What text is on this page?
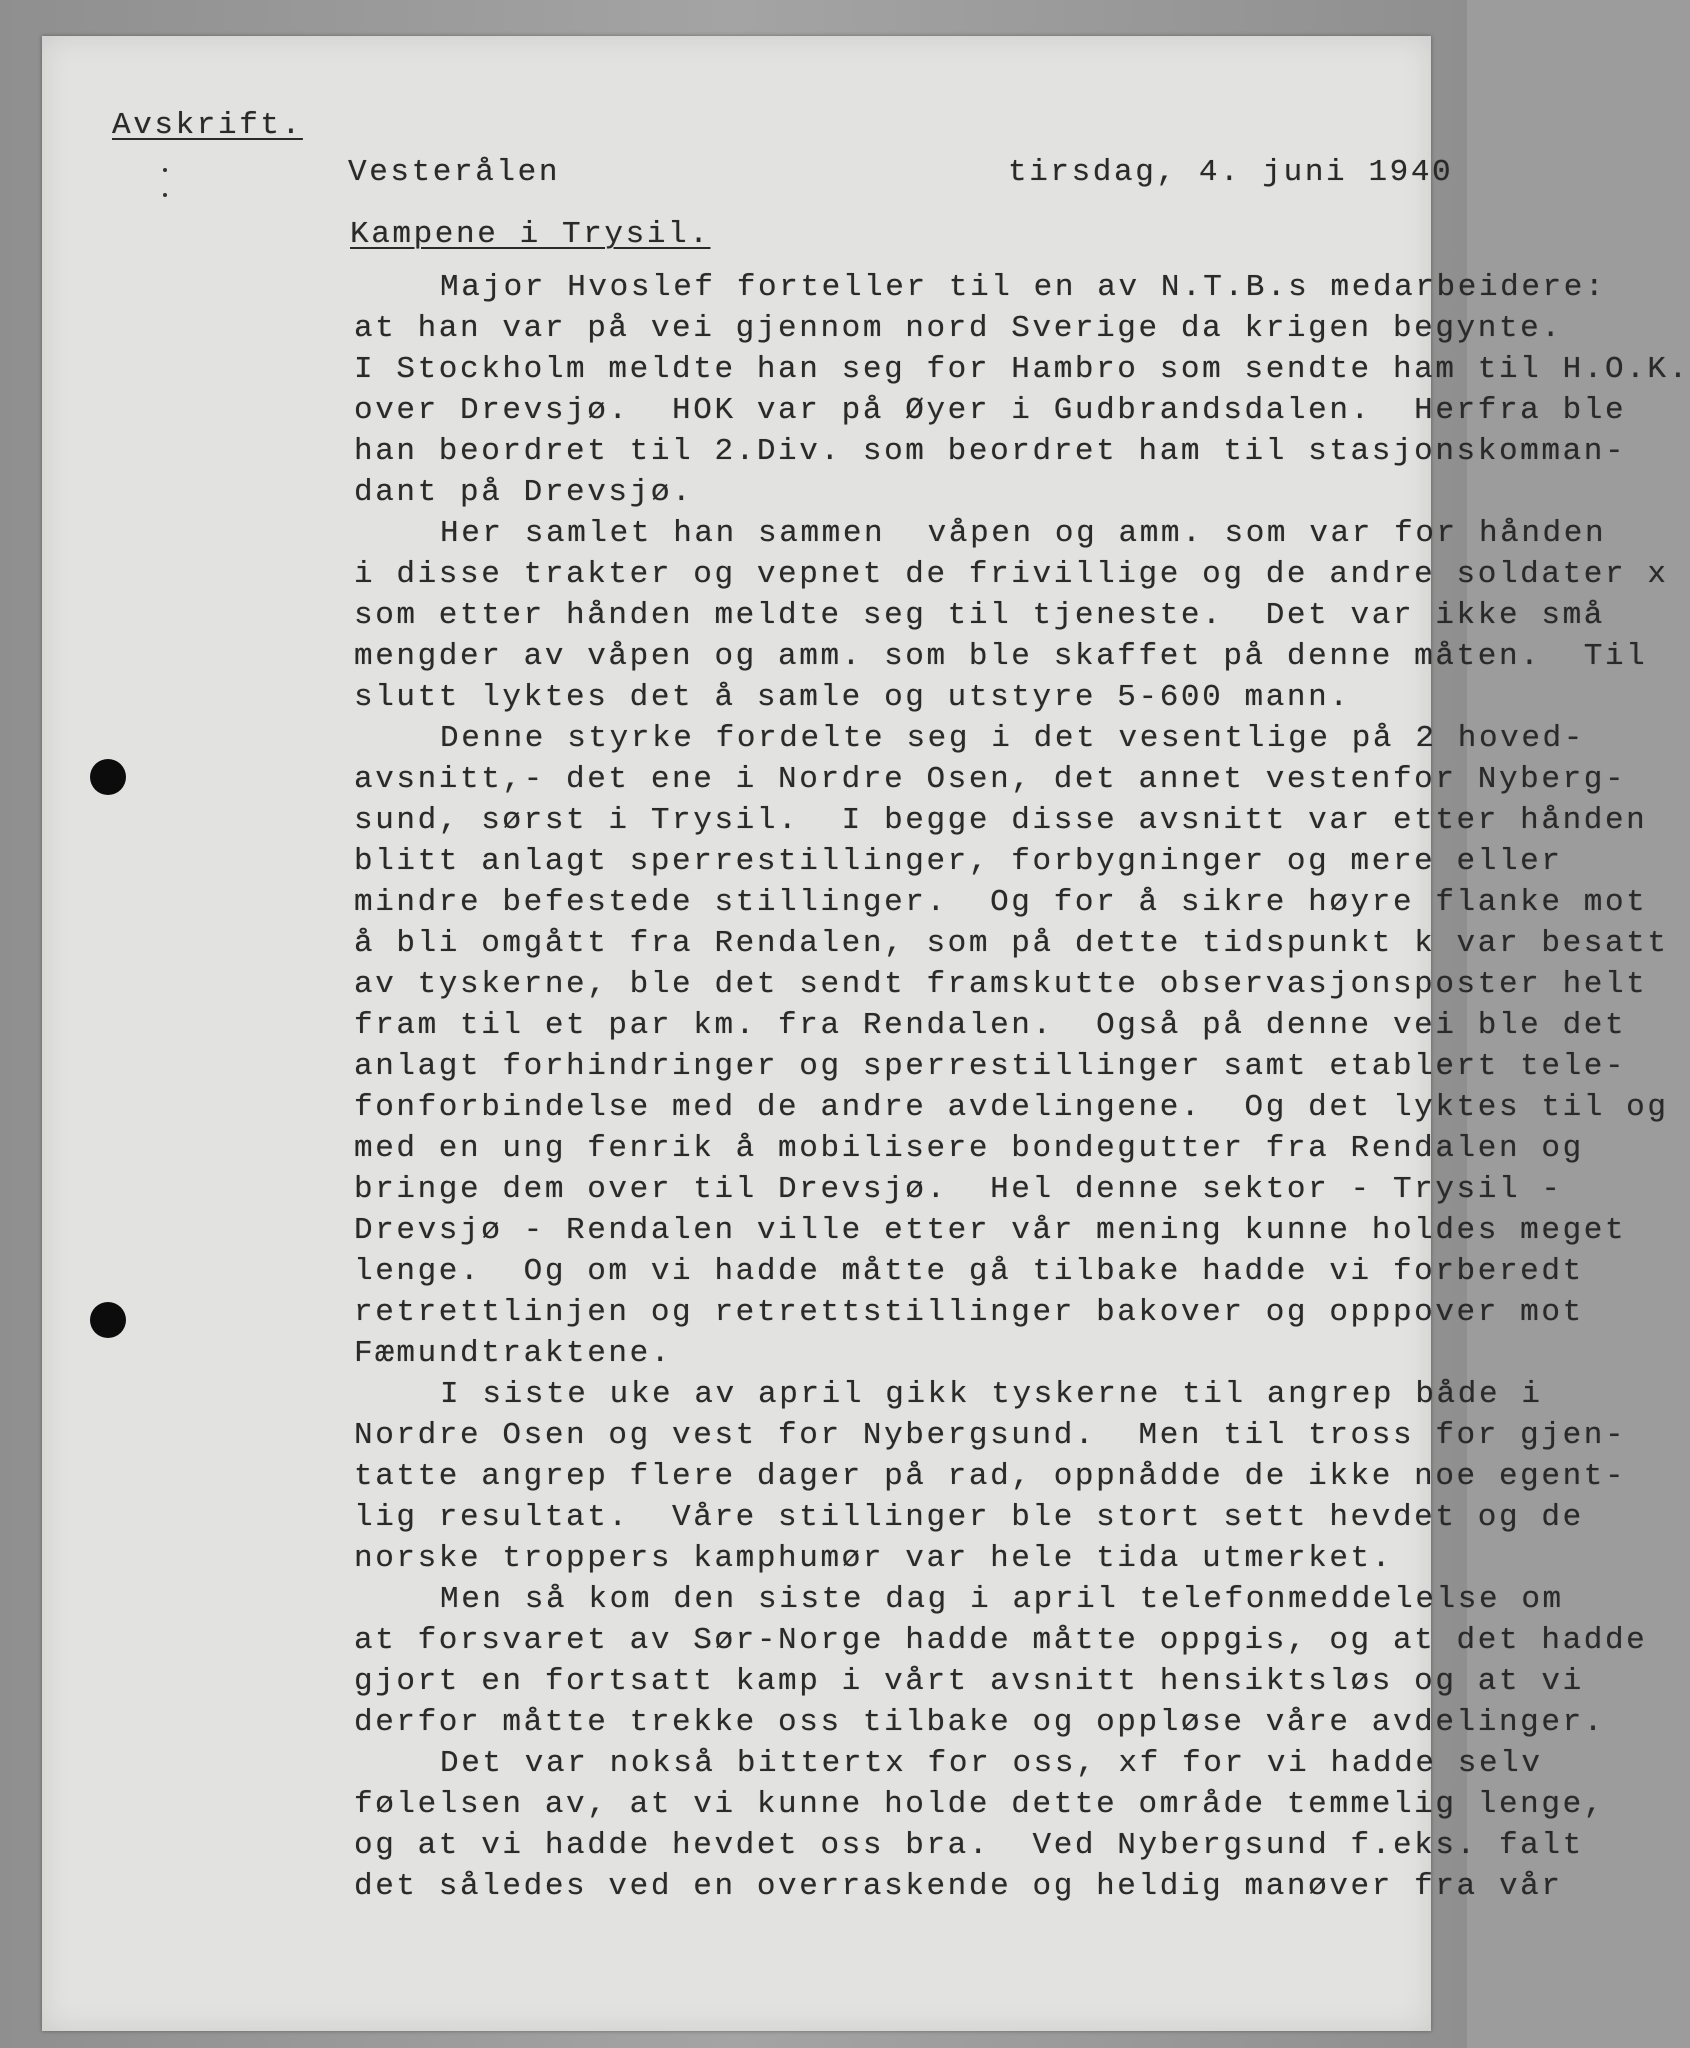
Avskrift.
Vesterålen	tirsdag, 4. juni 1940
Kampene i Trysil.
Major Hvoslef forteller til en av N.T.B.s medarbeidere:
at han var på vei gjennom nord Sverige da krigen begynte.
I Stockholm meldte han seg for Hambro som sendte ham til H.O.K.
over Drevsjø.  HOK var på Øyer i Gudbrandsdalen.  Herfra ble
han beordret til 2.Div. som beordret ham til stasjonskomman-
dant på Drevsjø.
Her samlet han sammen  våpen og amm. som var for hånden
i disse trakter og vepnet de frivillige og de andre soldater x
som etter hånden meldte seg til tjeneste.  Det var ikke små
mengder av våpen og amm. som ble skaffet på denne måten.  Til
slutt lyktes det å samle og utstyre 5-600 mann.
Denne styrke fordelte seg i det vesentlige på 2 hoved-
avsnitt,- det ene i Nordre Osen, det annet vestenfor Nyberg-
sund, sørst i Trysil.  I begge disse avsnitt var etter hånden
blitt anlagt sperrestillinger, forbygninger og mere eller
mindre befestede stillinger.  Og for å sikre høyre flanke mot
å bli omgått fra Rendalen, som på dette tidspunkt k var besatt
av tyskerne, ble det sendt framskutte observasjonsposter helt
fram til et par km. fra Rendalen.  Også på denne vei ble det
anlagt forhindringer og sperrestillinger samt etablert tele-
fonforbindelse med de andre avdelingene.  Og det lyktes til og
med en ung fenrik å mobilisere bondegutter fra Rendalen og
bringe dem over til Drevsjø.  Hel denne sektor - Trysil -
Drevsjø - Rendalen ville etter vår mening kunne holdes meget
lenge.  Og om vi hadde måtte gå tilbake hadde vi forberedt
retrettlinjen og retrettstillinger bakover og opppover mot
Fæmundtraktene.
I siste uke av april gikk tyskerne til angrep både i
Nordre Osen og vest for Nybergsund.  Men til tross for gjen-
tatte angrep flere dager på rad, oppnådde de ikke noe egent-
lig resultat.  Våre stillinger ble stort sett hevdet og de
norske troppers kamphumør var hele tida utmerket.
Men så kom den siste dag i april telefonmeddelelse om
at forsvaret av Sør-Norge hadde måtte oppgis, og at det hadde
gjort en fortsatt kamp i vårt avsnitt hensiktsløs og at vi
derfor måtte trekke oss tilbake og oppløse våre avdelinger.
Det var nokså bittertx for oss, xf for vi hadde selv
følelsen av, at vi kunne holde dette område temmelig lenge,
og at vi hadde hevdet oss bra.  Ved Nybergsund f.eks. falt
det således ved en overraskende og heldig manøver fra vår
